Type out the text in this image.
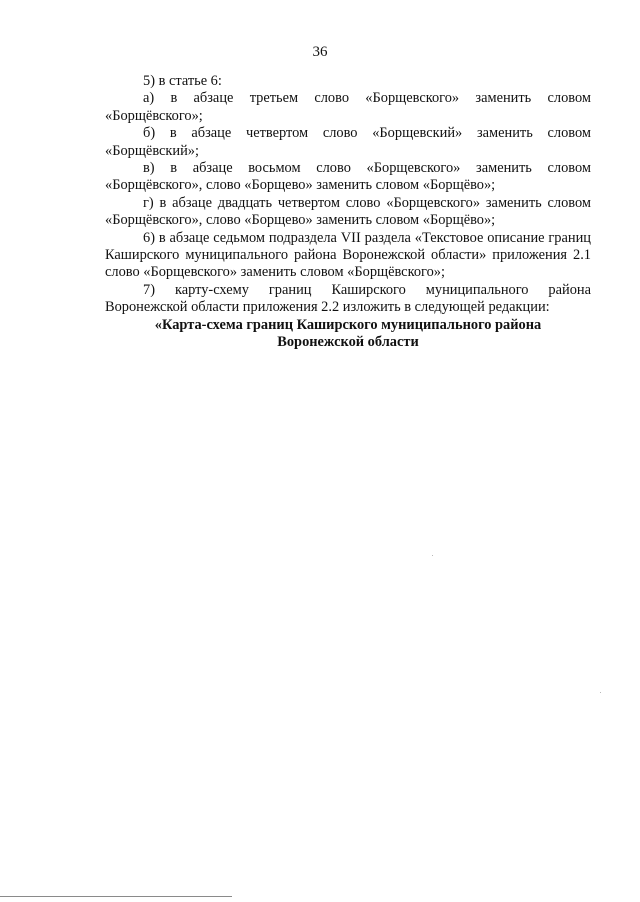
36

5) в статье 6:

а) в абзаце третьем слово «Борщевского» заменить словом «Борщёвского»;

б) в абзаце четвертом слово «Борщевский» заменить словом «Борщёвский»;

в) в абзаце восьмом слово «Борщевского» заменить словом «Борщёвского», слово «Борщево» заменить словом «Борщёво»;

г) в абзаце двадцать четвертом слово «Борщевского» заменить словом «Борщёвского», слово «Борщево» заменить словом «Борщёво»;

6) в абзаце седьмом подраздела VII раздела «Текстовое описание границ Каширского муниципального района Воронежской области» приложения 2.1 слово «Борщевского» заменить словом «Борщёвского»;

7) карту-схему границ Каширского муниципального района Воронежской области приложения 2.2 изложить в следующей редакции:

«Карта-схема границ Каширского муниципального района

Воронежской области
